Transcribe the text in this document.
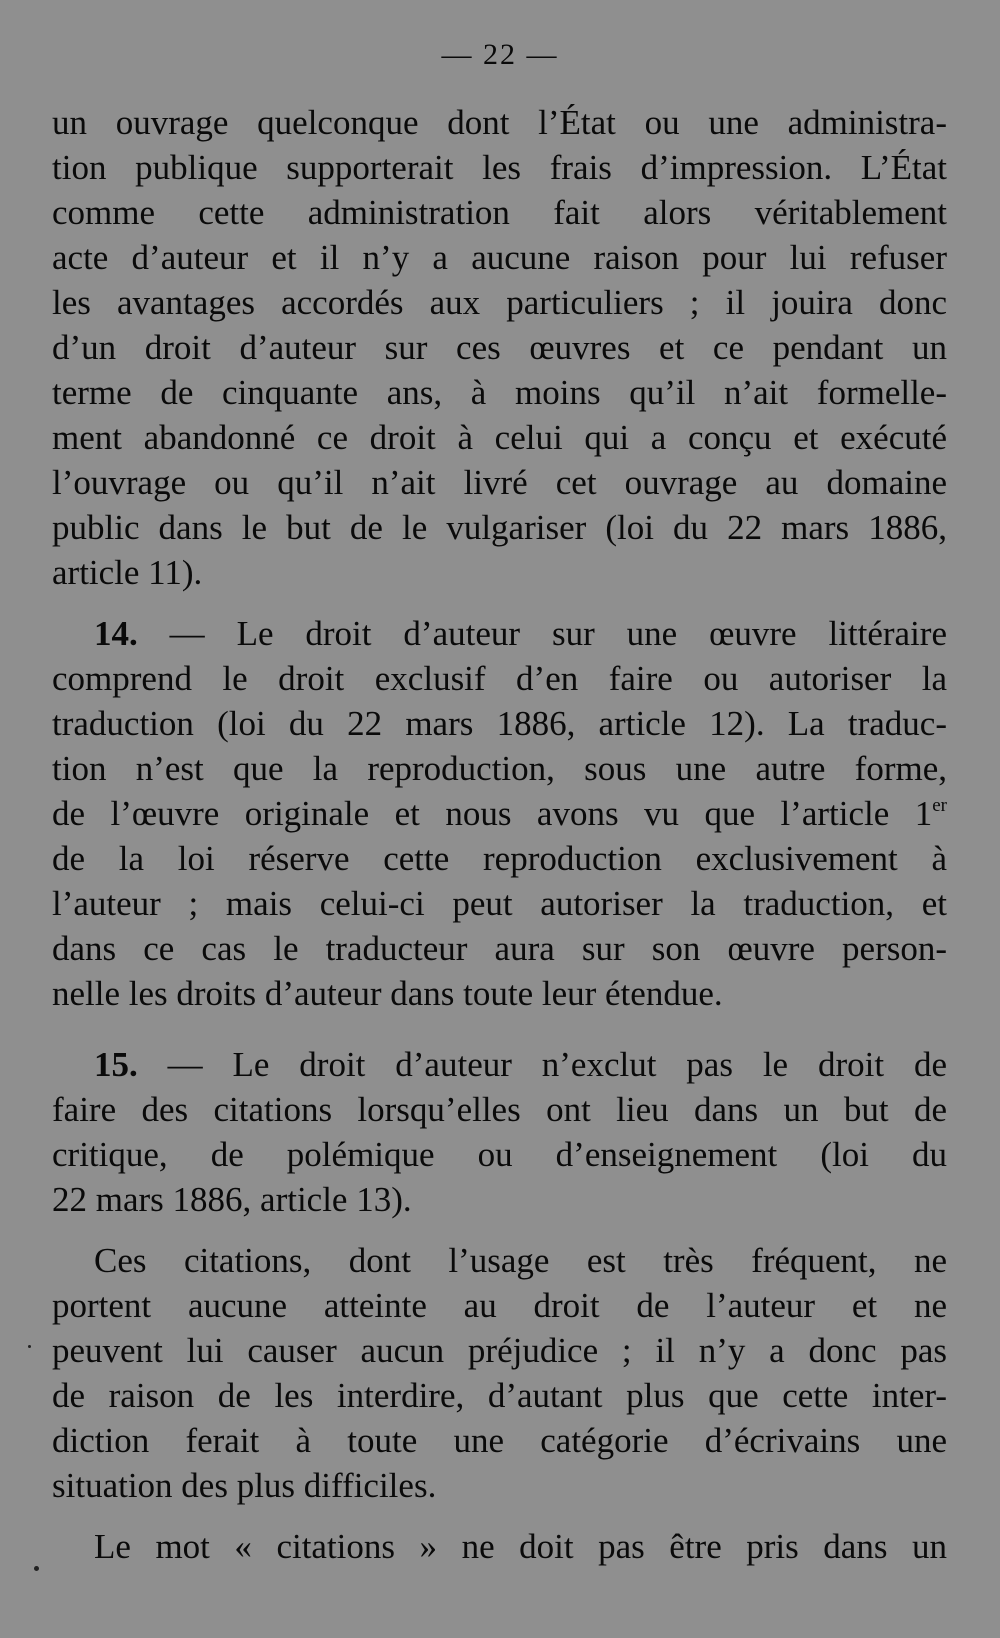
— 22 —
un ouvrage quelconque dont l’État ou une administra-
tion publique supporterait les frais d’impression. L’État
comme cette administration fait alors véritablement
acte d’auteur et il n’y a aucune raison pour lui refuser
les avantages accordés aux particuliers ; il jouira donc
d’un droit d’auteur sur ces œuvres et ce pendant un
terme de cinquante ans, à moins qu’il n’ait formelle-
ment abandonné ce droit à celui qui a conçu et exécuté
l’ouvrage ou qu’il n’ait livré cet ouvrage au domaine
public dans le but de le vulgariser (loi du 22 mars 1886,
article 11).
14. — Le droit d’auteur sur une œuvre littéraire
comprend le droit exclusif d’en faire ou autoriser la
traduction (loi du 22 mars 1886, article 12). La traduc-
tion n’est que la reproduction, sous une autre forme,
de l’œuvre originale et nous avons vu que l’article 1er
de la loi réserve cette reproduction exclusivement à
l’auteur ; mais celui-ci peut autoriser la traduction, et
dans ce cas le traducteur aura sur son œuvre person-
nelle les droits d’auteur dans toute leur étendue.
15. — Le droit d’auteur n’exclut pas le droit de
faire des citations lorsqu’elles ont lieu dans un but de
critique, de polémique ou d’enseignement (loi du
22 mars 1886, article 13).
Ces citations, dont l’usage est très fréquent, ne
portent aucune atteinte au droit de l’auteur et ne
peuvent lui causer aucun préjudice ; il n’y a donc pas
de raison de les interdire, d’autant plus que cette inter-
diction ferait à toute une catégorie d’écrivains une
situation des plus difficiles.
Le mot « citations » ne doit pas être pris dans un
